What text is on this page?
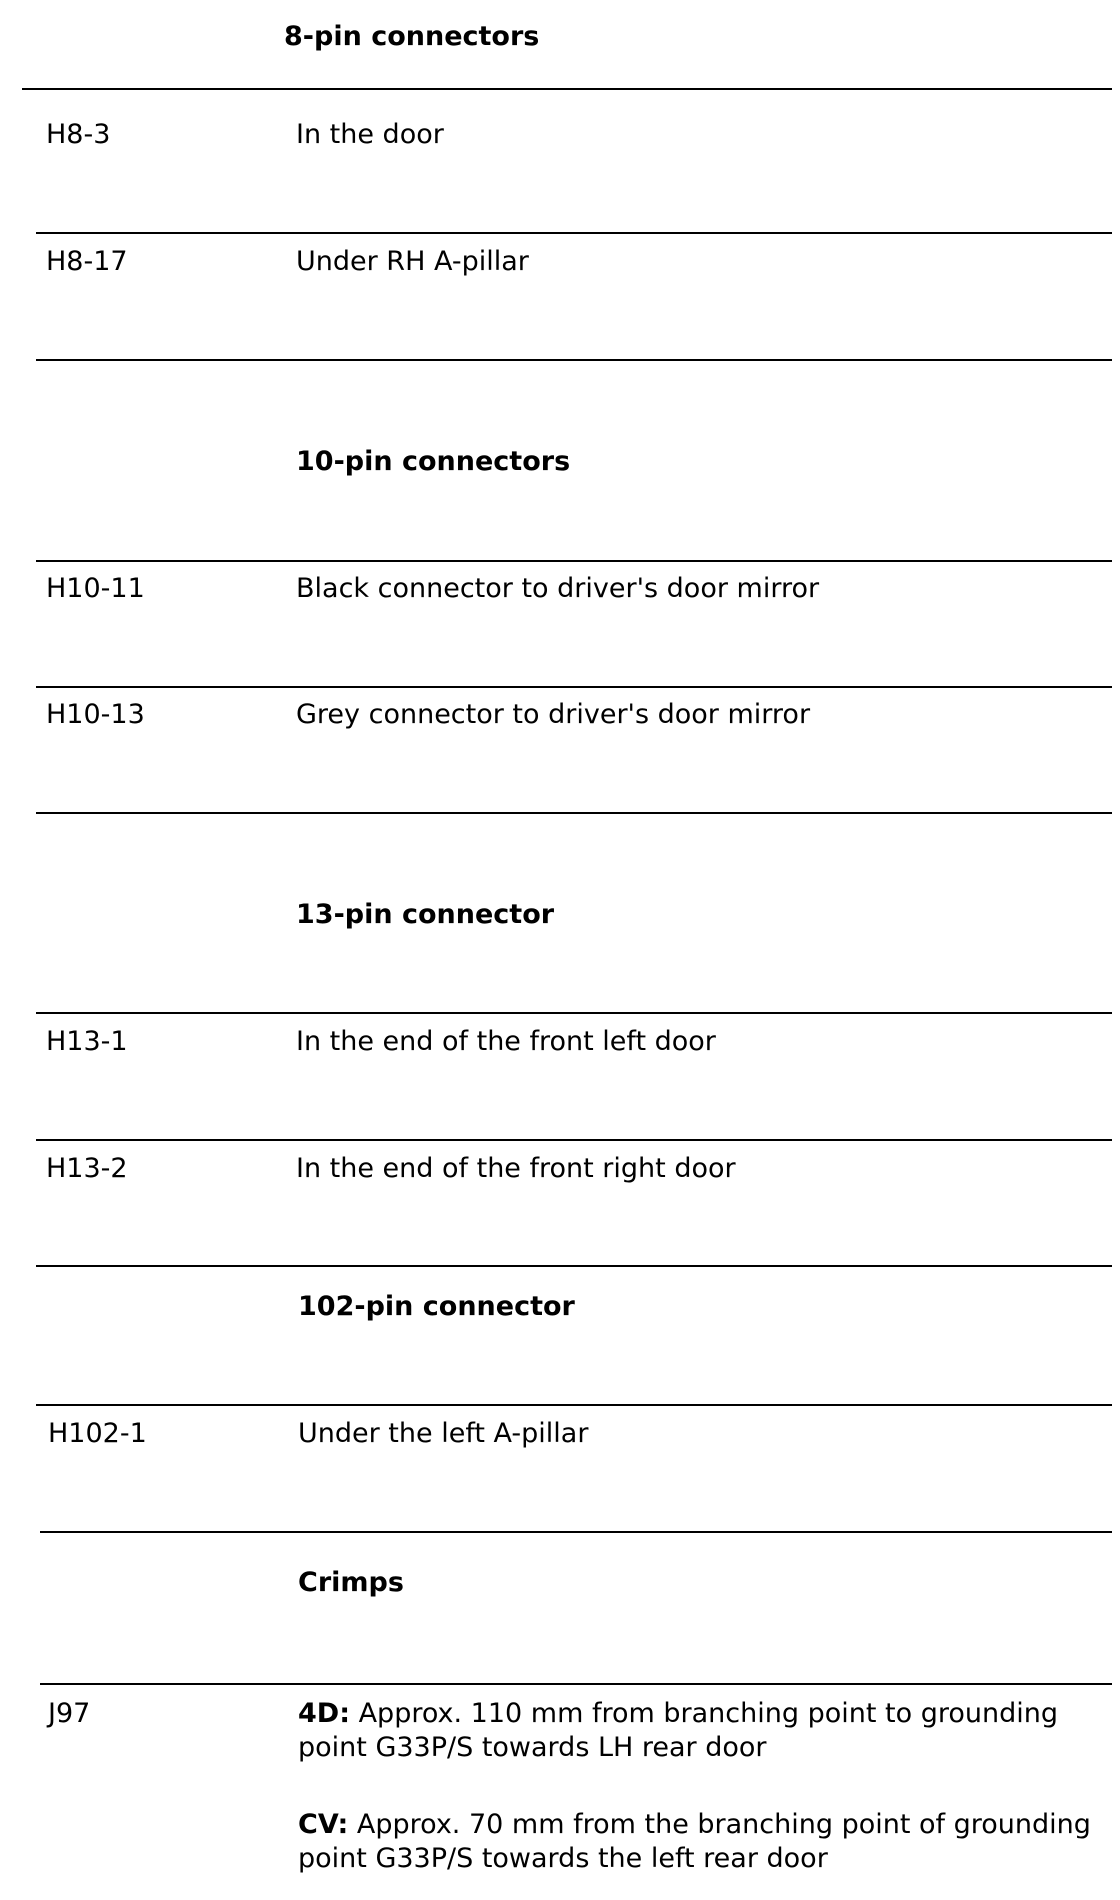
8-pin connectors
H8-3	In the door
H8-17	Under RH A-pillar
10-pin connectors
H10-11	Black connector to driver's door mirror
H10-13	Grey connector to driver's door mirror
13-pin connector
H13-1	In the end of the front left door
H13-2	In the end of the front right door
102-pin connector
H102-1	Under the left A-pillar
Crimps
J97	4D: Approx. 110 mm from branching point to grounding point G33P/S towards LH rear door
CV: Approx. 70 mm from the branching point of grounding point G33P/S towards the left rear door
